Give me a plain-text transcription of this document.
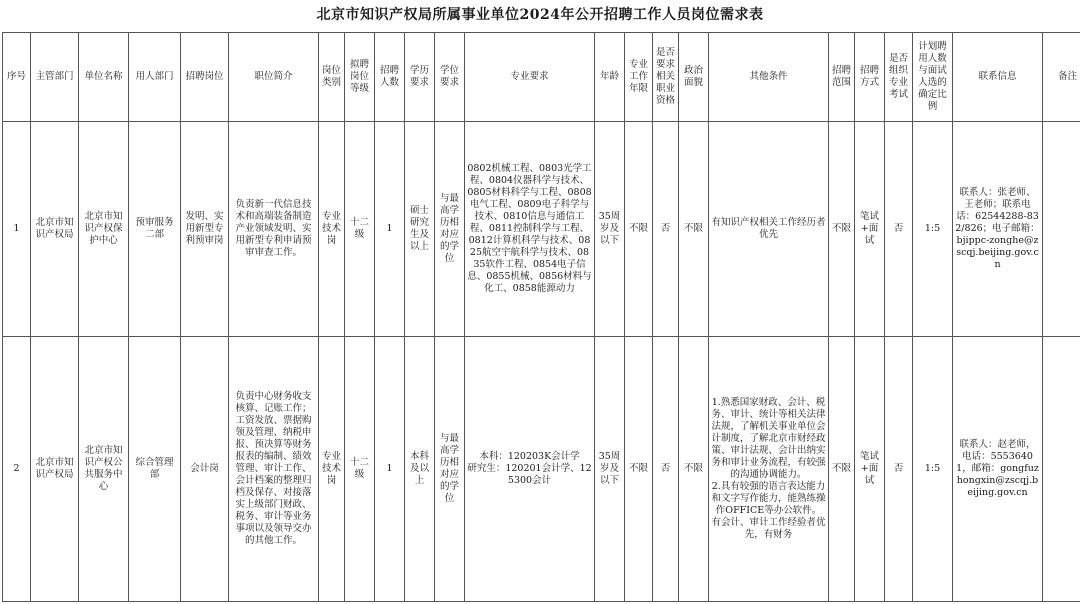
北京市知识产权局所属事业单位2024年公开招聘工作人员岗位需求表
序号	主管部门	单位名称	用人部门	招聘岗位	职位简介	岗位类别	拟聘岗位等级	招聘人数	学历要求	学位要求	专业要求	年龄	专业工作年限	是否要求相关职业资格	政治面貌	其他条件	招聘范围	招聘方式	是否组织专业考试	计划聘用人数与面试人选的确定比例	联系信息	备注
1	北京市知识产权局	北京市知识产权保护中心	预审服务二部	发明、实用新型专利预审岗	负责新一代信息技术和高端装备制造产业领域发明、实用新型专利申请预审审查工作。	专业技术岗	十二级	1	硕士研究生及以上	与最高学历相对应的学位	0802机械工程、0803光学工程、0804仪器科学与技术、0805材料科学与工程、0808电气工程、0809电子科学与技术、0810信息与通信工程、0811控制科学与工程、0812计算机科学与技术、0825航空宇航科学与技术、0835软件工程、0854电子信息、0855机械、0856材料与化工、0858能源动力	35周岁及以下	不限	否	不限	有知识产权相关工作经历者优先	不限	笔试+面试	否	1:5	联系人：张老师、王老师；联系电话：62544288-832/826；电子邮箱：bjippc-zonghe@zscqj.beijing.gov.cn	
2	北京市知识产权局	北京市知识产权公共服务中心	综合管理部	会计岗	负责中心财务收支核算、记账工作；工资发放、票据购领及管理、纳税申报、预决算等财务报表的编制、绩效管理、审计工作、会计档案的整理归档及保存、对接落实上级部门财政、税务、审计等业务事项以及领导交办的其他工作。	专业技术岗	十二级	1	本科及以上	与最高学历相对应的学位	本科：120203K会计学
研究生：120201会计学、125300会计	35周岁及以下	不限	否	不限	1.熟悉国家财政、会计、税务、审计、统计等相关法律法规，了解机关事业单位会计制度，了解北京市财经政策、审计法规、会计出纳实务和审计业务流程，有较强的沟通协调能力。
2.具有较强的语言表达能力和文字写作能力，能熟练操作OFFICE等办公软件。
有会计、审计工作经验者优先，有财务	不限	笔试+面试	否	1:5	联系人：赵老师，电话：55536401，邮箱：gongfuzhongxin@zscqj.beijing.gov.cn	
